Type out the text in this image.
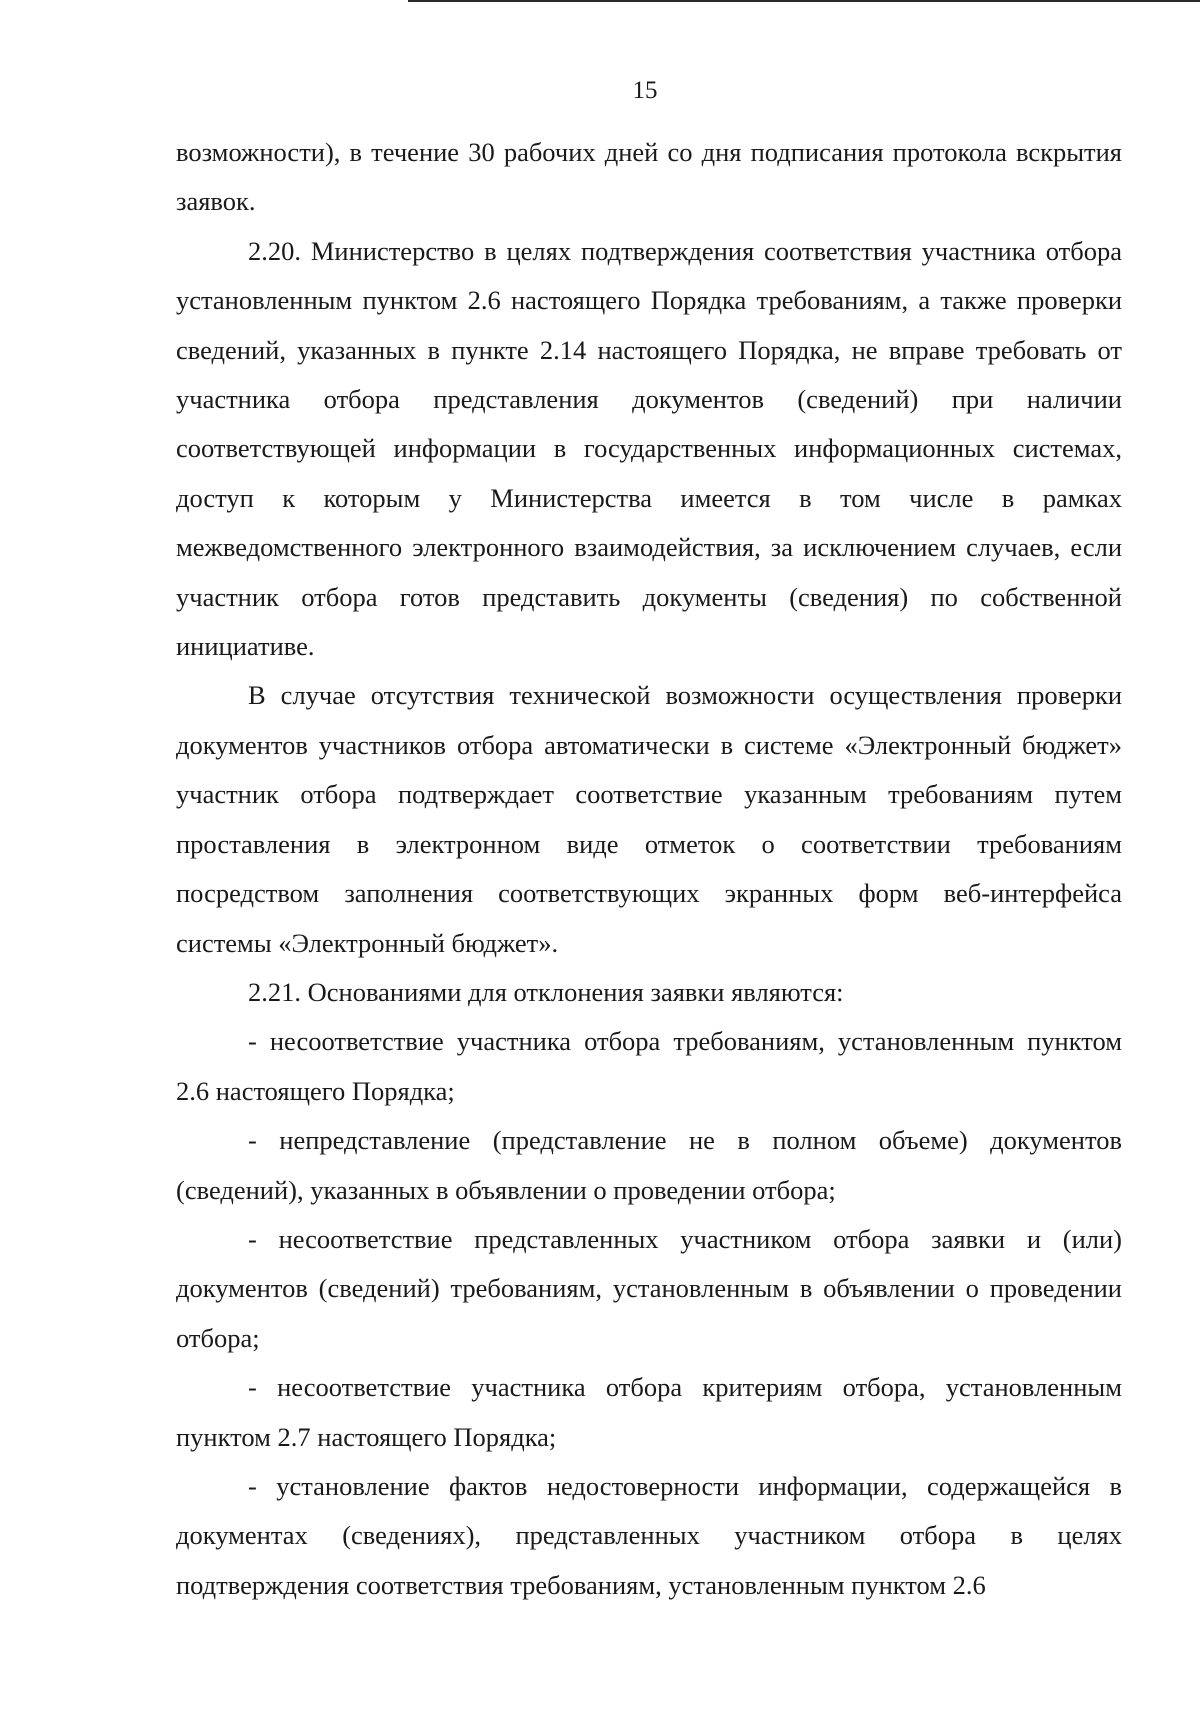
15

возможности), в течение 30 рабочих дней со дня подписания протокола вскрытия заявок.

2.20. Министерство в целях подтверждения соответствия участника отбора установленным пунктом 2.6 настоящего Порядка требованиям, а также проверки сведений, указанных в пункте 2.14 настоящего Порядка, не вправе требовать от участника отбора представления документов (сведений) при наличии соответствующей информации в государственных информационных системах, доступ к которым у Министерства имеется в том числе в рамках межведомственного электронного взаимодействия, за исключением случаев, если участник отбора готов представить документы (сведения) по собственной инициативе.

В случае отсутствия технической возможности осуществления проверки документов участников отбора автоматически в системе «Электронный бюджет» участник отбора подтверждает соответствие указанным требованиям путем проставления в электронном виде отметок о соответствии требованиям посредством заполнения соответствующих экранных форм веб-интерфейса системы «Электронный бюджет».

2.21. Основаниями для отклонения заявки являются:

- несоответствие участника отбора требованиям, установленным пунктом 2.6 настоящего Порядка;

- непредставление (представление не в полном объеме) документов (сведений), указанных в объявлении о проведении отбора;

- несоответствие представленных участником отбора заявки и (или) документов (сведений) требованиям, установленным в объявлении о проведении отбора;

- несоответствие участника отбора критериям отбора, установленным пунктом 2.7 настоящего Порядка;

- установление фактов недостоверности информации, содержащейся в документах (сведениях), представленных участником отбора в целях подтверждения соответствия требованиям, установленным пунктом 2.6
